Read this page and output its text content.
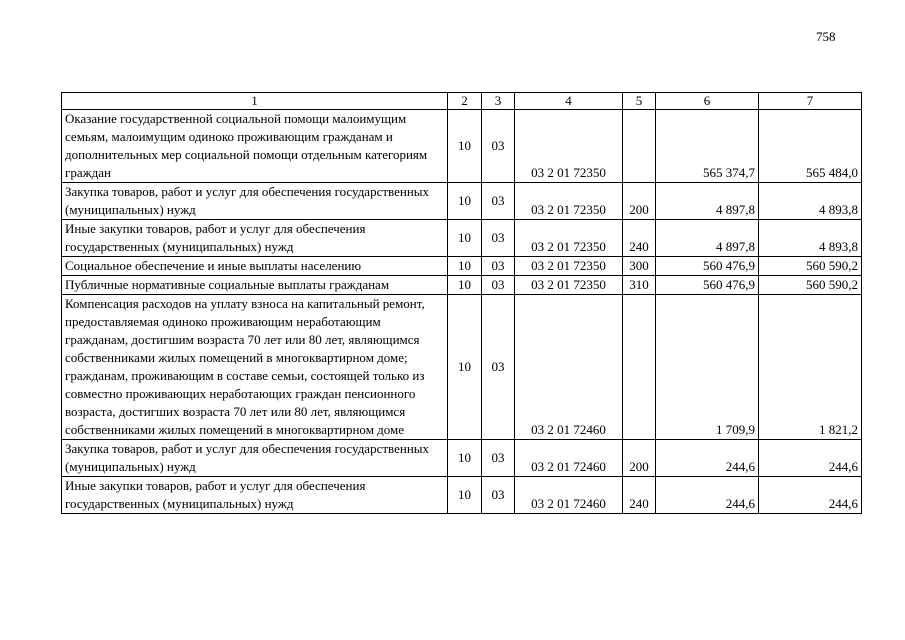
758
1	2	3	4	5	6	7
Оказание государственной социальной помощи малоимущим семьям, малоимущим одиноко проживающим гражданам и дополнительных мер социальной помощи отдельным категориям граждан	10	03	03 2 01 72350		565 374,7	565 484,0
Закупка товаров, работ и услуг для обеспечения государственных (муниципальных) нужд	10	03	03 2 01 72350	200	4 897,8	4 893,8
Иные закупки товаров, работ и услуг для обеспечения государственных (муниципальных) нужд	10	03	03 2 01 72350	240	4 897,8	4 893,8
Социальное обеспечение и иные выплаты населению	10	03	03 2 01 72350	300	560 476,9	560 590,2
Публичные нормативные социальные выплаты гражданам	10	03	03 2 01 72350	310	560 476,9	560 590,2
Компенсация расходов на уплату взноса на капитальный ремонт, предоставляемая одиноко проживающим неработающим гражданам, достигшим возраста 70 лет или 80 лет, являющимся собственниками жилых помещений в многоквартирном доме; гражданам, проживающим в составе семьи, состоящей только из совместно проживающих неработающих граждан пенсионного возраста, достигших возраста 70 лет или 80 лет, являющимся собственниками жилых помещений в многоквартирном доме	10	03	03 2 01 72460		1 709,9	1 821,2
Закупка товаров, работ и услуг для обеспечения государственных (муниципальных) нужд	10	03	03 2 01 72460	200	244,6	244,6
Иные закупки товаров, работ и услуг для обеспечения государственных (муниципальных) нужд	10	03	03 2 01 72460	240	244,6	244,6
